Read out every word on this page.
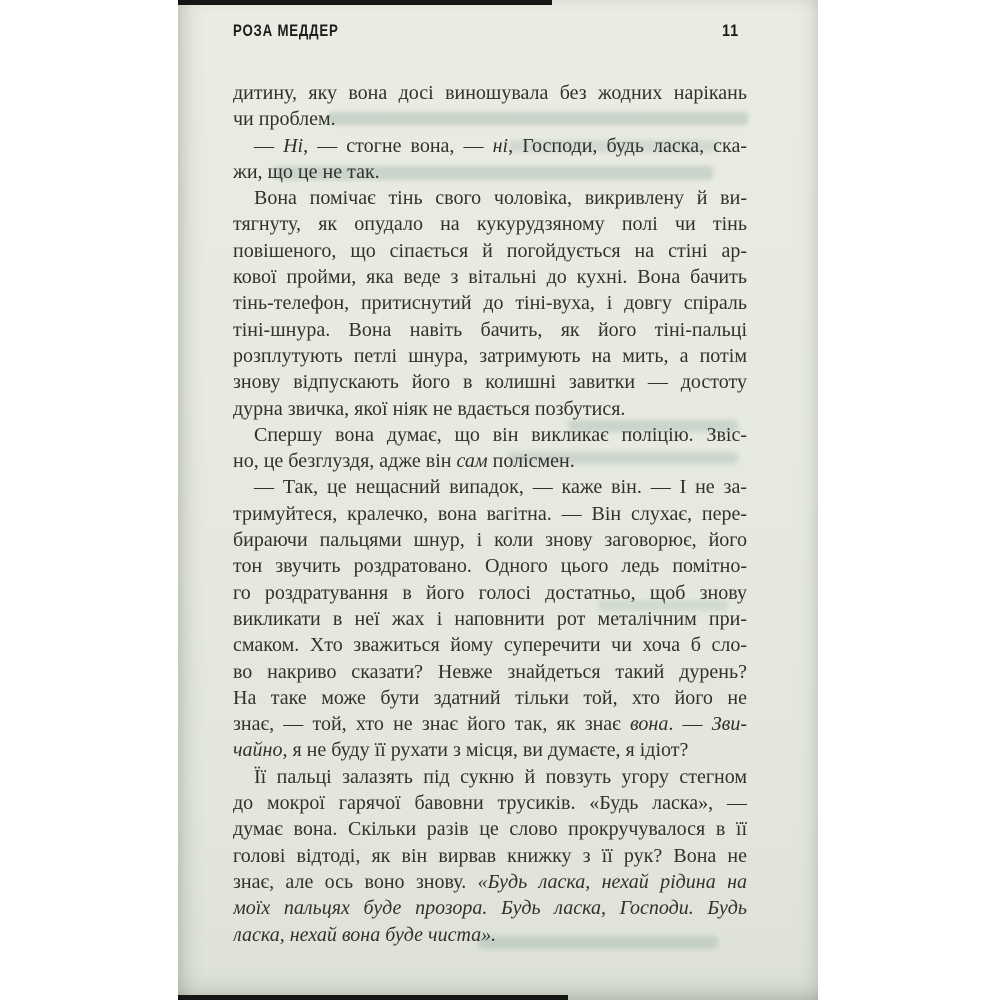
РОЗА МЕДДЕР	11
дитину, яку вона досі виношувала без жодних нарікань
чи проблем.
— Ні, — стогне вона, — ні, Господи, будь ласка, ска-
жи, що це не так.
Вона помічає тінь свого чоловіка, викривлену й ви-
тягнуту, як опудало на кукурудзяному полі чи тінь
повішеного, що сіпається й погойдується на стіні ар-
кової пройми, яка веде з вітальні до кухні. Вона бачить
тінь-телефон, притиснутий до тіні-вуха, і довгу спіраль
тіні-шнура. Вона навіть бачить, як його тіні-пальці
розплутують петлі шнура, затримують на мить, а потім
знову відпускають його в колишні завитки — достоту
дурна звичка, якої ніяк не вдається позбутися.
Спершу вона думає, що він викликає поліцію. Звіс-
но, це безглуздя, адже він сам полісмен.
— Так, це нещасний випадок, — каже він. — І не за-
тримуйтеся, кралечко, вона вагітна. — Він слухає, пере-
бираючи пальцями шнур, і коли знову заговорює, його
тон звучить роздратовано. Одного цього ледь помітно-
го роздратування в його голосі достатньо, щоб знову
викликати в неї жах і наповнити рот металічним при-
смаком. Хто зважиться йому суперечити чи хоча б сло-
во накриво сказати? Невже знайдеться такий дурень?
На таке може бути здатний тільки той, хто його не
знає, — той, хто не знає його так, як знає вона. — Зви-
чайно, я не буду її рухати з місця, ви думаєте, я ідіот?
Її пальці залазять під сукню й повзуть угору стегном
до мокрої гарячої бавовни трусиків. «Будь ласка», —
думає вона. Скільки разів це слово прокручувалося в її
голові відтоді, як він вирвав книжку з її рук? Вона не
знає, але ось воно знову. «Будь ласка, нехай рідина на
моїх пальцях буде прозора. Будь ласка, Господи. Будь
ласка, нехай вона буде чиста».
